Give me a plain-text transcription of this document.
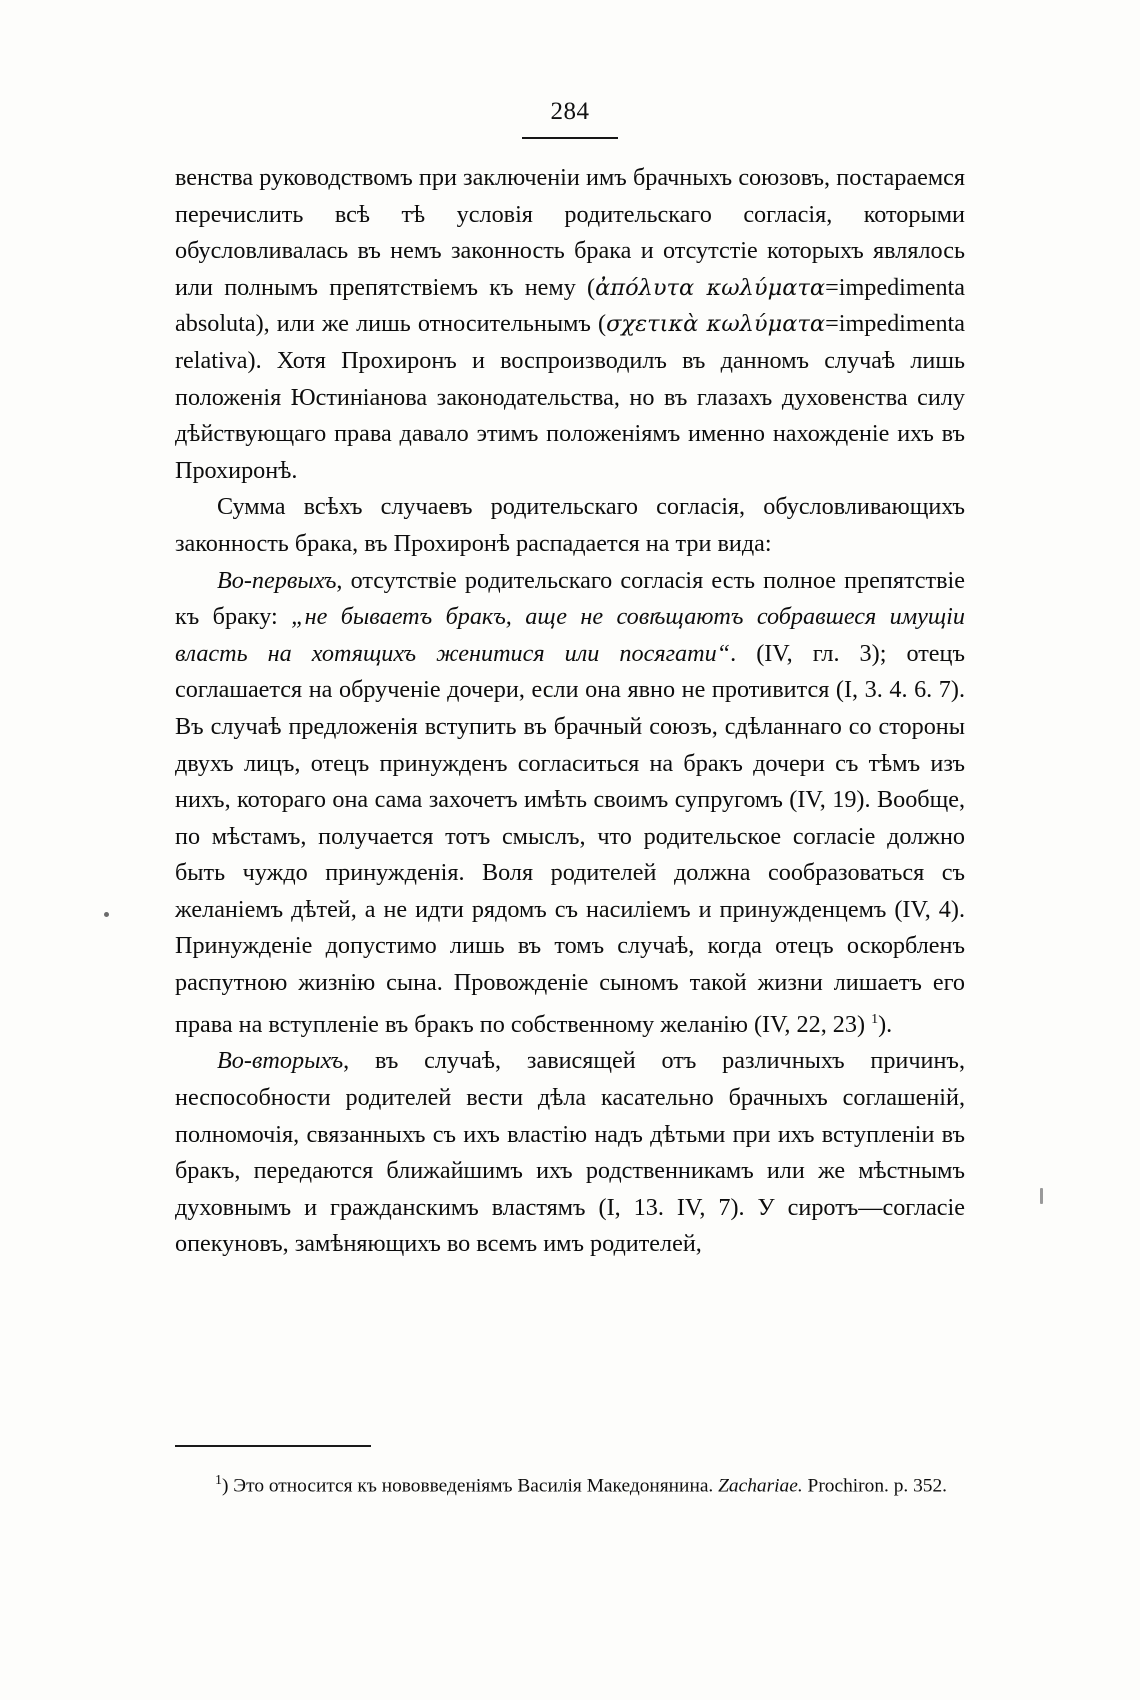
284

венства руководствомъ при заключеніи имъ брачныхъ союзовъ, постараемся перечислить всѣ тѣ условія родительскаго согласія, которыми обусловливалась въ немъ законность брака и отсутстіе которыхъ являлось или полнымъ препятствіемъ къ нему (ἀπόλυτα κωλύματα=impedimenta absoluta), или же лишь относительнымъ (σχετικὰ κωλύματα=impedimenta relativa). Хотя Прохиронъ и воспроизводилъ въ данномъ случаѣ лишь положенія Юстиніанова законодательства, но въ глазахъ духовенства силу дѣйствующаго права давало этимъ положеніямъ именно нахожденіе ихъ въ Прохиронѣ.

Сумма всѣхъ случаевъ родительскаго согласія, обусловливающихъ законность брака, въ Прохиронѣ распадается на три вида:

Во-первыхъ, отсутствіе родительскаго согласія есть полное препятствіе къ браку: „не бываетъ бракъ, аще не совѣщаютъ собравшеся имущіи власть на хотящихъ женитися или посягати“. (IV, гл. 3); отецъ соглашается на обрученіе дочери, если она явно не противится (I, 3. 4. 6. 7). Въ случаѣ предложенія вступить въ брачный союзъ, сдѣланнаго со стороны двухъ лицъ, отецъ принужденъ согласиться на бракъ дочери съ тѣмъ изъ нихъ, котораго она сама захочетъ имѣть своимъ супругомъ (IV, 19). Вообще, по мѣстамъ, получается тотъ смыслъ, что родительское согласіе должно быть чуждо принужденія. Воля родителей должна сообразоваться съ желаніемъ дѣтей, а не идти рядомъ съ насиліемъ и принужденцемъ (IV, 4). Принужденіе допустимо лишь въ томъ случаѣ, когда отецъ оскорбленъ распутною жизнію сына. Провожденіе сыномъ такой жизни лишаетъ его права на вступленіе въ бракъ по собственному желанію (IV, 22, 23) $^1$).

Во-вторыхъ, въ случаѣ, зависящей отъ различныхъ причинъ, неспособности родителей вести дѣла касательно брачныхъ соглашеній, полномочія, связанныхъ съ ихъ властію надъ дѣтьми при ихъ вступленіи въ бракъ, передаются ближайшимъ ихъ родственникамъ или же мѣстнымъ духовнымъ и гражданскимъ властямъ (I, 13. IV, 7). У сиротъ—согласіе опекуновъ, замѣняющихъ во всемъ имъ родителей,

$^1$) Это относится къ нововведеніямъ Василія Македонянина. Zachariae. Prochiron. p. 352.
